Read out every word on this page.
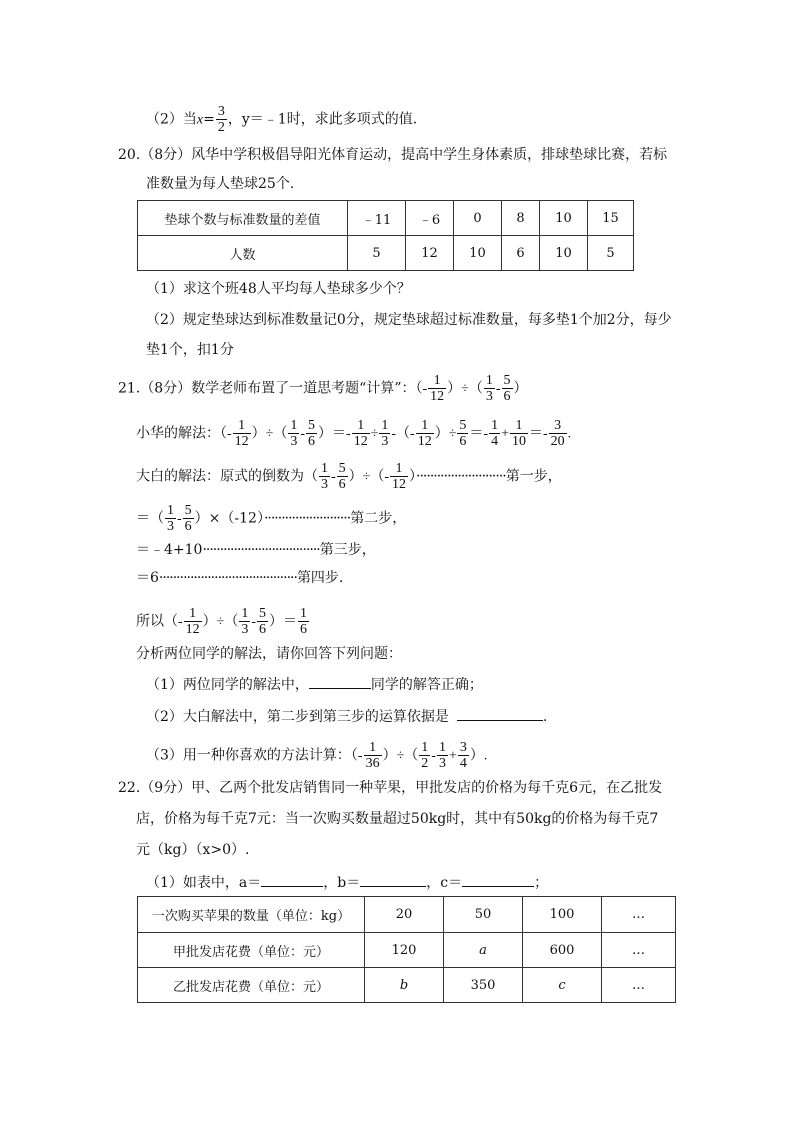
（2）当$x= \frac{3}{2}$ ，y＝﹣1时，求此多项式的值.
20.（8分）风华中学积极倡导阳光体育运动，提高中学生身体素质，排球垫球比赛，若标
准数量为每人垫球25个.
垫球个数与标准数量的差值	﹣11	﹣6	0	8	10	15
人数	5	12	10	6	10	5
（1）求这个班48人平均每人垫球多少个？
（2）规定垫球达到标准数量记0分，规定垫球超过标准数量，每多垫1个加2分，每少
垫1个，扣1分
21.（8分）数学老师布置了一道思考题“计算”：（- $\frac{1}{12}$ ）÷（ $\frac{1}{3} - \frac{5}{6}$ ）
小华的解法：（- $\frac{1}{12}$ ）÷（ $\frac{1}{3} - \frac{5}{6}$ ）＝- $\frac{1}{12} \div \frac{1}{3}$ -（- $\frac{1}{12}$ ）÷ $\frac{5}{6} =- \frac{1}{4} + \frac{1}{10} =- \frac{3}{20}$ .
大白的解法：原式的倒数为（ $\frac{1}{3} - \frac{5}{6}$ ）÷（- $\frac{1}{12}$ ）··························第一步，
＝（ $\frac{1}{3} - \frac{5}{6} )\times(-12)\cdot\cdot\cdot\cdot\cdot\cdot\cdot\cdot\cdot\cdot\cdot\cdot\cdot\cdot\cdot\cdot\cdot\cdot\cdot\cdot\cdot\cdot\cdot\cdot\cdot$第二步，
＝﹣4+10··································第三步，
＝6········································第四步.
所以（- $\frac{1}{12}$ ）÷（ $\frac{1}{3} - \frac{5}{6}$ ）＝ $\frac{1}{6}$
分析两位同学的解法，请你回答下列问题：
（1）两位同学的解法中，	同学的解答正确；
（2）大白解法中，第二步到第三步的运算依据是	.
（3）用一种你喜欢的方法计算：（- $\frac{1}{36}$ ）÷（ $\frac{1}{2} - \frac{1}{3} + \frac{3}{4}$ ）.
22.（9分）甲、乙两个批发店销售同一种苹果，甲批发店的价格为每千克6元，在乙批发
店，价格为每千克7元：当一次购买数量超过50kg时，其中有50kg的价格为每千克7
元（kg）（x>0）.
（1）如表中，a＝	，b＝	，c＝	；
一次购买苹果的数量（单位：kg）	20	50	100	…
甲批发店花费（单位：元）	120	a	600	…
乙批发店花费（单位：元）	b	350	c	…
